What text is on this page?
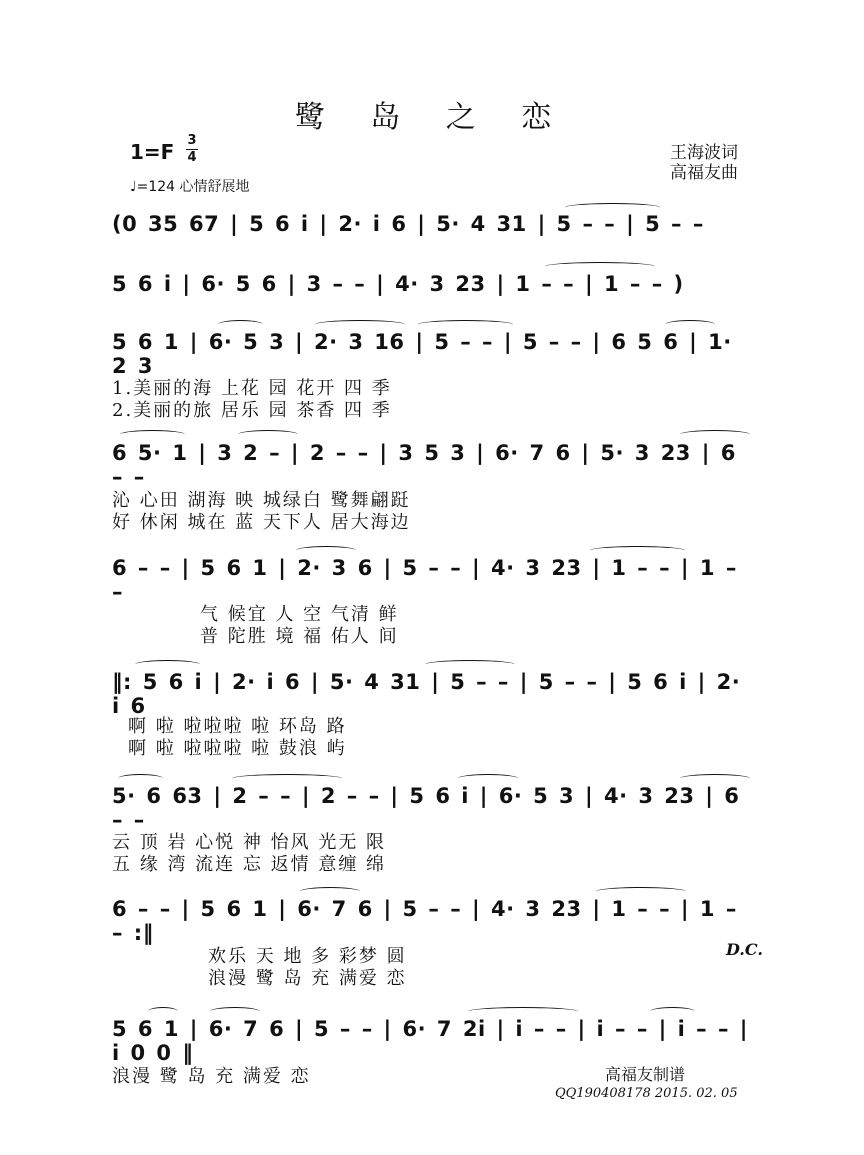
鹭 岛 之 恋
1=F 3
4
♩=124 心情舒展地
王海波词
高福友曲
(0 35 67 | 5 6 i | 2· i 6 | 5· 4 31 | 5 – – | 5 – –
5 6 i | 6· 5 6 | 3 – – | 4· 3 23 | 1 – – | 1 – – )
5 6 1 | 6· 5 3 | 2· 3 16 | 5 – – | 5 – – | 6 5 6 | 1· 2 3
6 5· 1 | 3 2 – | 2 – – | 3 5 3 | 6· 7 6 | 5· 3 23 | 6 – –
6 – – | 5 6 1 | 2· 3 6 | 5 – – | 4· 3 23 | 1 – – | 1 – –
‖: 5 6 i | 2· i 6 | 5· 4 31 | 5 – – | 5 – – | 5 6 i | 2· i 6
5· 6 63 | 2 – – | 2 – – | 5 6 i | 6· 5 3 | 4· 3 23 | 6 – –
6 – – | 5 6 1 | 6· 7 6 | 5 – – | 4· 3 23 | 1 – – | 1 – – :‖
5 6 1 | 6· 7 6 | 5 – – | 6· 7 2i | i – – | i – – | i – – | i 0 0 ‖
1.美丽的海 上花 园 花开 四 季
2.美丽的旅 居乐 园 茶香 四 季
沁 心田 湖海 映 城绿白 鹭舞翩跹
好 休闲 城在 蓝 天下人 居大海边
气 候宜 人 空 气清 鲜
普 陀胜 境 福 佑人 间
啊 啦 啦啦啦 啦 环岛 路
啊 啦 啦啦啦 啦 鼓浪 屿
云 顶 岩 心悦 神 怡风 光无 限
五 缘 湾 流连 忘 返情 意缠 绵
欢乐 天 地 多 彩梦 圆
浪漫 鹭 岛 充 满爱 恋
浪漫 鹭 岛 充 满爱 恋
D.C.
高福友制谱
QQ190408178 2015. 02. 05
